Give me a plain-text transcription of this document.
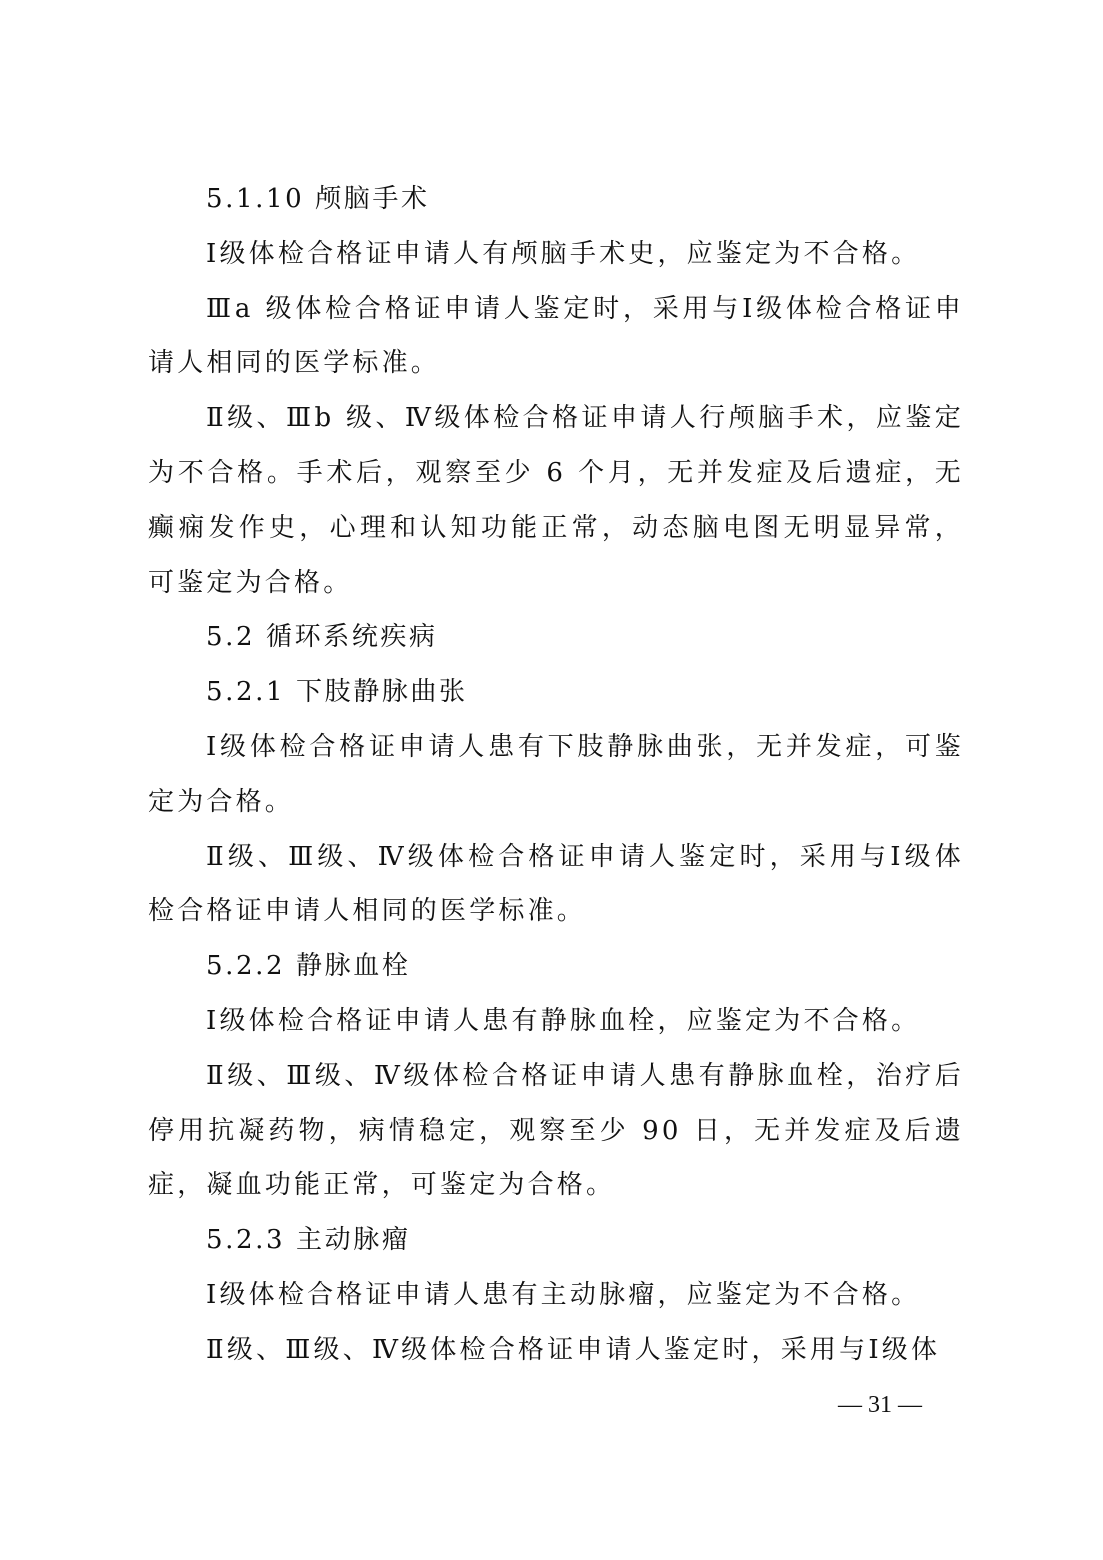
5.1.10 颅脑手术

Ⅰ级体检合格证申请人有颅脑手术史，应鉴定为不合格。

Ⅲa 级体检合格证申请人鉴定时，采用与Ⅰ级体检合格证申请人相同的医学标准。

Ⅱ级、Ⅲb 级、Ⅳ级体检合格证申请人行颅脑手术，应鉴定为不合格。手术后，观察至少 6 个月，无并发症及后遗症，无癫痫发作史，心理和认知功能正常，动态脑电图无明显异常，可鉴定为合格。

5.2 循环系统疾病

5.2.1 下肢静脉曲张

Ⅰ级体检合格证申请人患有下肢静脉曲张，无并发症，可鉴定为合格。

Ⅱ级、Ⅲ级、Ⅳ级体检合格证申请人鉴定时，采用与Ⅰ级体检合格证申请人相同的医学标准。

5.2.2 静脉血栓

Ⅰ级体检合格证申请人患有静脉血栓，应鉴定为不合格。

Ⅱ级、Ⅲ级、Ⅳ级体检合格证申请人患有静脉血栓，治疗后停用抗凝药物，病情稳定，观察至少 90 日，无并发症及后遗症，凝血功能正常，可鉴定为合格。

5.2.3 主动脉瘤

Ⅰ级体检合格证申请人患有主动脉瘤，应鉴定为不合格。

Ⅱ级、Ⅲ级、Ⅳ级体检合格证申请人鉴定时，采用与Ⅰ级体

— 31 —
